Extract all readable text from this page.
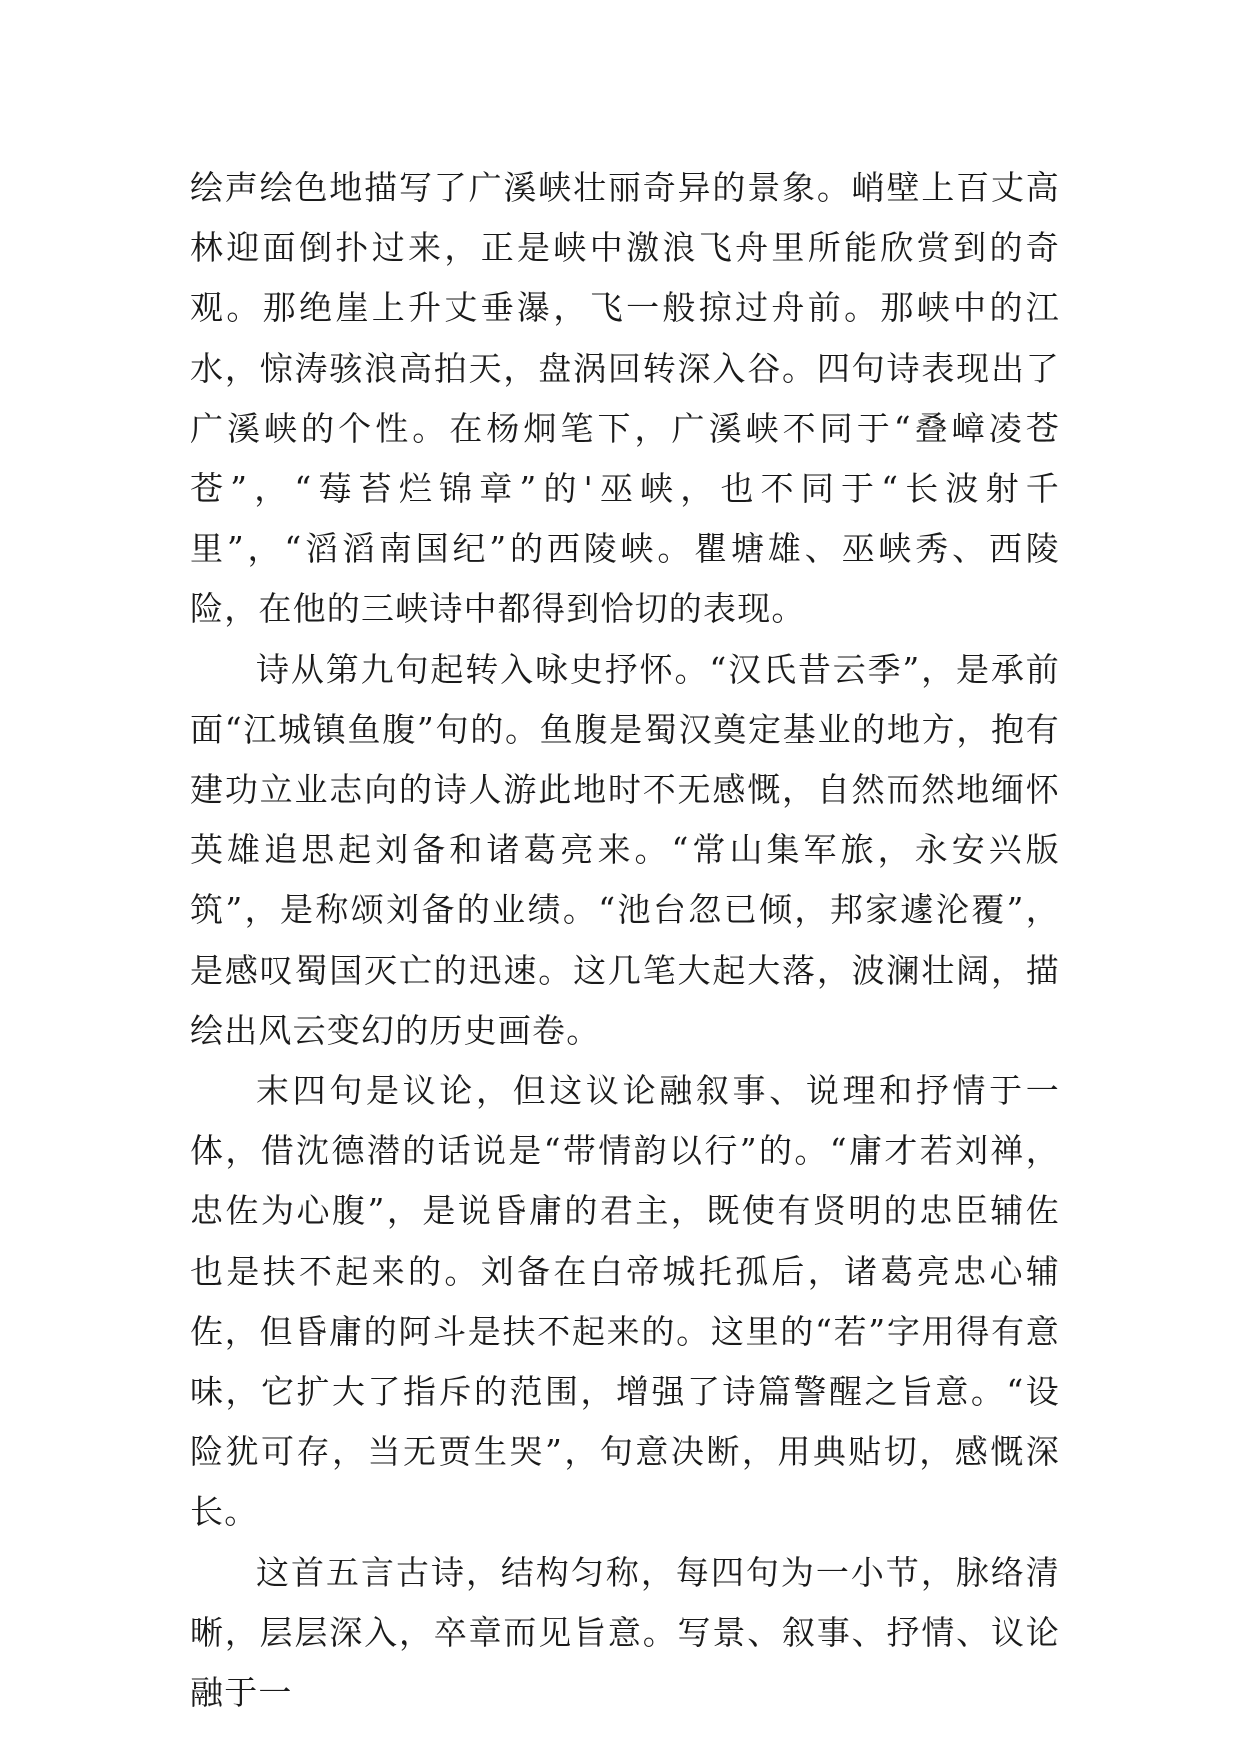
绘声绘色地描写了广溪峡壮丽奇异的景象。峭壁上百丈高林迎面倒扑过来，正是峡中激浪飞舟里所能欣赏到的奇观。那绝崖上升丈垂瀑，飞一般掠过舟前。那峡中的江水，惊涛骇浪高拍天，盘涡回转深入谷。四句诗表现出了广溪峡的个性。在杨炯笔下，广溪峡不同于“叠嶂凌苍苍”，“莓苔烂锦章”的'巫峡，也不同于“长波射千里”，“滔滔南国纪”的西陵峡。瞿塘雄、巫峡秀、西陵险，在他的三峡诗中都得到恰切的表现。

诗从第九句起转入咏史抒怀。“汉氏昔云季”，是承前面“江城镇鱼腹”句的。鱼腹是蜀汉奠定基业的地方，抱有建功立业志向的诗人游此地时不无感慨，自然而然地缅怀英雄追思起刘备和诸葛亮来。“常山集军旅，永安兴版筑”，是称颂刘备的业绩。“池台忽已倾，邦家遽沦覆”，是感叹蜀国灭亡的迅速。这几笔大起大落，波澜壮阔，描绘出风云变幻的历史画卷。

末四句是议论，但这议论融叙事、说理和抒情于一体，借沈德潜的话说是“带情韵以行”的。“庸才若刘禅，忠佐为心腹”，是说昏庸的君主，既使有贤明的忠臣辅佐也是扶不起来的。刘备在白帝城托孤后，诸葛亮忠心辅佐，但昏庸的阿斗是扶不起来的。这里的“若”字用得有意味，它扩大了指斥的范围，增强了诗篇警醒之旨意。“设险犹可存，当无贾生哭”，句意决断，用典贴切，感慨深长。

这首五言古诗，结构匀称，每四句为一小节，脉络清晰，层层深入，卒章而见旨意。写景、叙事、抒情、议论融于一
